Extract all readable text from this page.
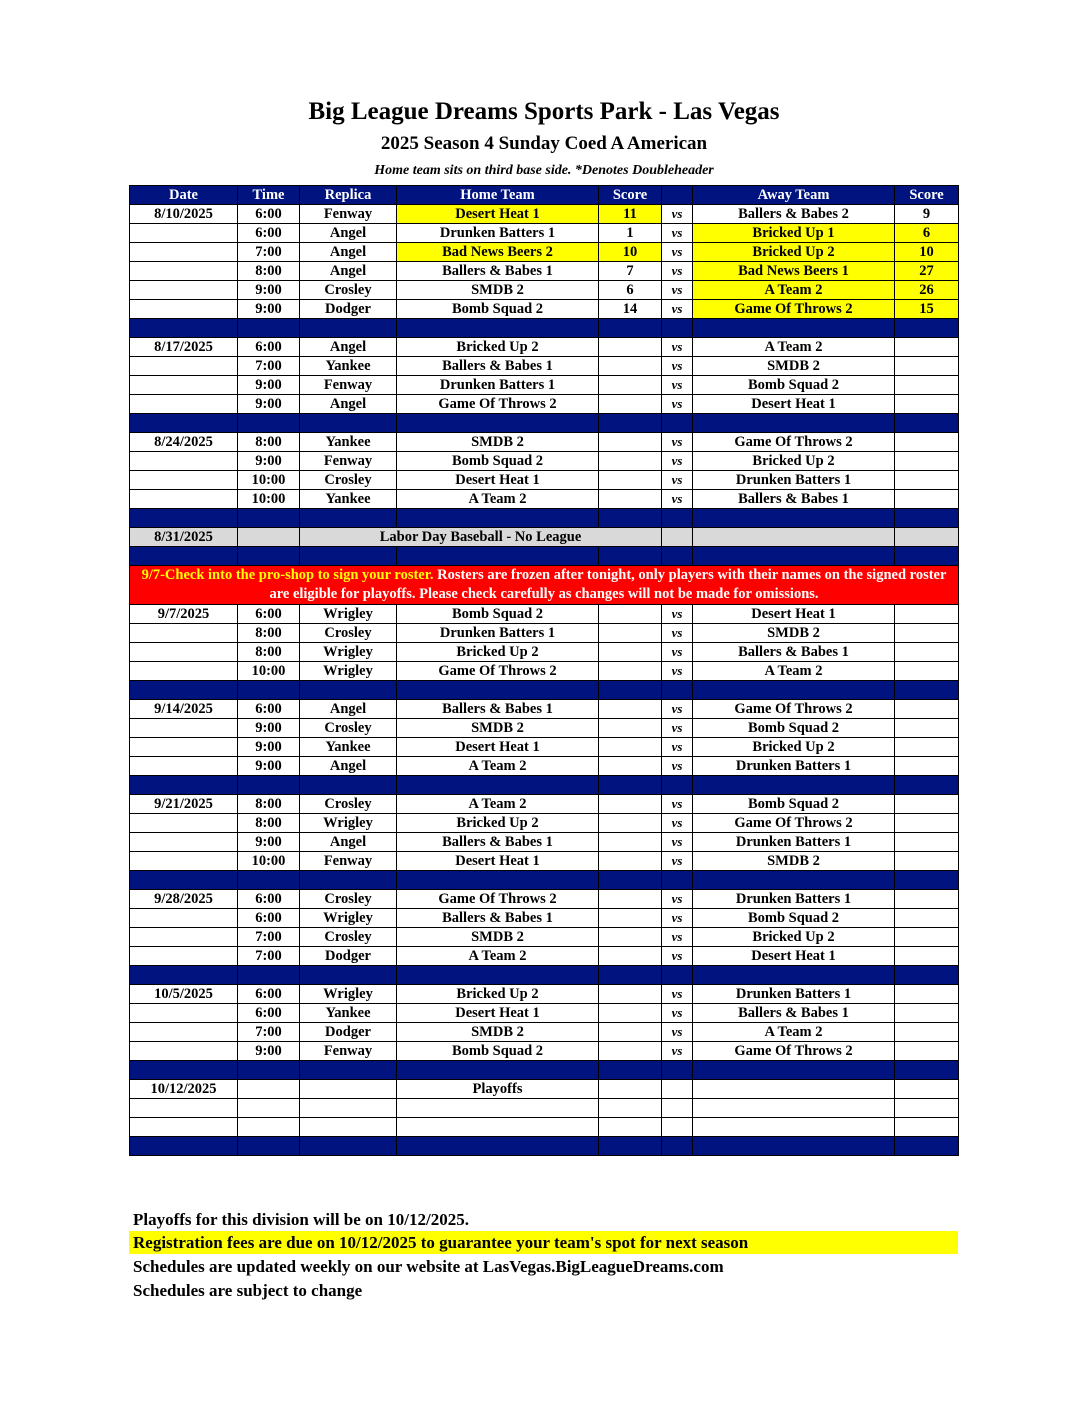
Big League Dreams Sports Park - Las Vegas
2025 Season 4 Sunday Coed A American
Home team sits on third base side. *Denotes Doubleheader
Date	Time	Replica	Home Team	Score		Away Team	Score
8/10/2025	6:00	Fenway	Desert Heat 1	11	vs	Ballers & Babes 2	9
	6:00	Angel	Drunken Batters 1	1	vs	Bricked Up 1	6
	7:00	Angel	Bad News Beers 2	10	vs	Bricked Up 2	10
	8:00	Angel	Ballers & Babes 1	7	vs	Bad News Beers 1	27
	9:00	Crosley	SMDB 2	6	vs	A Team 2	26
	9:00	Dodger	Bomb Squad 2	14	vs	Game Of Throws 2	15

8/17/2025	6:00	Angel	Bricked Up 2		vs	A Team 2	
	7:00	Yankee	Ballers & Babes 1		vs	SMDB 2	
	9:00	Fenway	Drunken Batters 1		vs	Bomb Squad 2	
	9:00	Angel	Game Of Throws 2		vs	Desert Heat 1	

8/24/2025	8:00	Yankee	SMDB 2		vs	Game Of Throws 2	
	9:00	Fenway	Bomb Squad 2		vs	Bricked Up 2	
	10:00	Crosley	Desert Heat 1		vs	Drunken Batters 1	
	10:00	Yankee	A Team 2		vs	Ballers & Babes 1	

8/31/2025		Labor Day Baseball - No League					

9/7-Check into the pro-shop to sign your roster. Rosters are frozen after tonight, only players with their names on the signed roster are eligible for playoffs. Please check carefully as changes will not be made for omissions.							
9/7/2025	6:00	Wrigley	Bomb Squad 2		vs	Desert Heat 1	
	8:00	Crosley	Drunken Batters 1		vs	SMDB 2	
	8:00	Wrigley	Bricked Up 2		vs	Ballers & Babes 1	
	10:00	Wrigley	Game Of Throws 2		vs	A Team 2	

9/14/2025	6:00	Angel	Ballers & Babes 1		vs	Game Of Throws 2	
	9:00	Crosley	SMDB 2		vs	Bomb Squad 2	
	9:00	Yankee	Desert Heat 1		vs	Bricked Up 2	
	9:00	Angel	A Team 2		vs	Drunken Batters 1	

9/21/2025	8:00	Crosley	A Team 2		vs	Bomb Squad 2	
	8:00	Wrigley	Bricked Up 2		vs	Game Of Throws 2	
	9:00	Angel	Ballers & Babes 1		vs	Drunken Batters 1	
	10:00	Fenway	Desert Heat 1		vs	SMDB 2	

9/28/2025	6:00	Crosley	Game Of Throws 2		vs	Drunken Batters 1	
	6:00	Wrigley	Ballers & Babes 1		vs	Bomb Squad 2	
	7:00	Crosley	SMDB 2		vs	Bricked Up 2	
	7:00	Dodger	A Team 2		vs	Desert Heat 1	

10/5/2025	6:00	Wrigley	Bricked Up 2		vs	Drunken Batters 1	
	6:00	Yankee	Desert Heat 1		vs	Ballers & Babes 1	
	7:00	Dodger	SMDB 2		vs	A Team 2	
	9:00	Fenway	Bomb Squad 2		vs	Game Of Throws 2	

10/12/2025			Playoffs				

Playoffs for this division will be on 10/12/2025.
Registration fees are due on 10/12/2025 to guarantee your team's spot for next season
Schedules are updated weekly on our website at LasVegas.BigLeagueDreams.com
Schedules are subject to change
